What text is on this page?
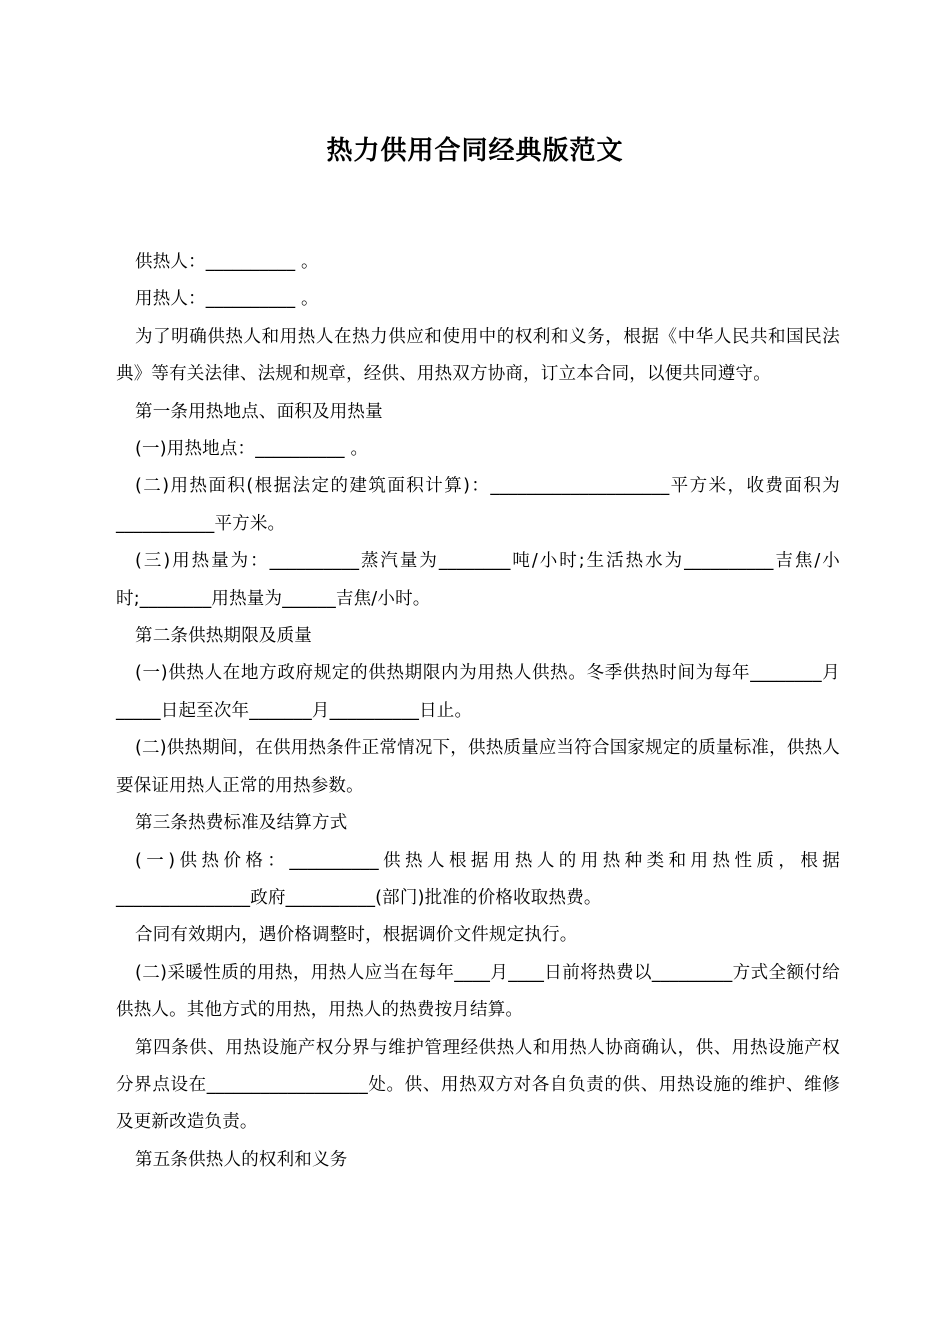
热力供用合同经典版范文

供热人：__________ 。

用热人：__________ 。

为了明确供热人和用热人在热力供应和使用中的权利和义务，根据《中华人民共和国民法典》等有关法律、法规和规章，经供、用热双方协商，订立本合同，以便共同遵守。

第一条用热地点、面积及用热量

(一)用热地点：__________ 。

(二)用热面积(根据法定的建筑面积计算)：____________________平方米，收费面积为___________平方米。

(三)用热量为：__________蒸汽量为________吨/小时;生活热水为__________吉焦/小时;________用热量为______吉焦/小时。

第二条供热期限及质量

(一)供热人在地方政府规定的供热期限内为用热人供热。冬季供热时间为每年________月_____日起至次年_______月__________日止。

(二)供热期间，在供用热条件正常情况下，供热质量应当符合国家规定的质量标准，供热人要保证用热人正常的用热参数。

第三条热费标准及结算方式

(一)供热价格：__________供热人根据用热人的用热种类和用热性质，根据_______________政府__________(部门)批准的价格收取热费。

合同有效期内，遇价格调整时，根据调价文件规定执行。

(二)采暖性质的用热，用热人应当在每年____月____日前将热费以_________方式全额付给供热人。其他方式的用热，用热人的热费按月结算。

第四条供、用热设施产权分界与维护管理经供热人和用热人协商确认，供、用热设施产权分界点设在__________________处。供、用热双方对各自负责的供、用热设施的维护、维修及更新改造负责。

第五条供热人的权利和义务
